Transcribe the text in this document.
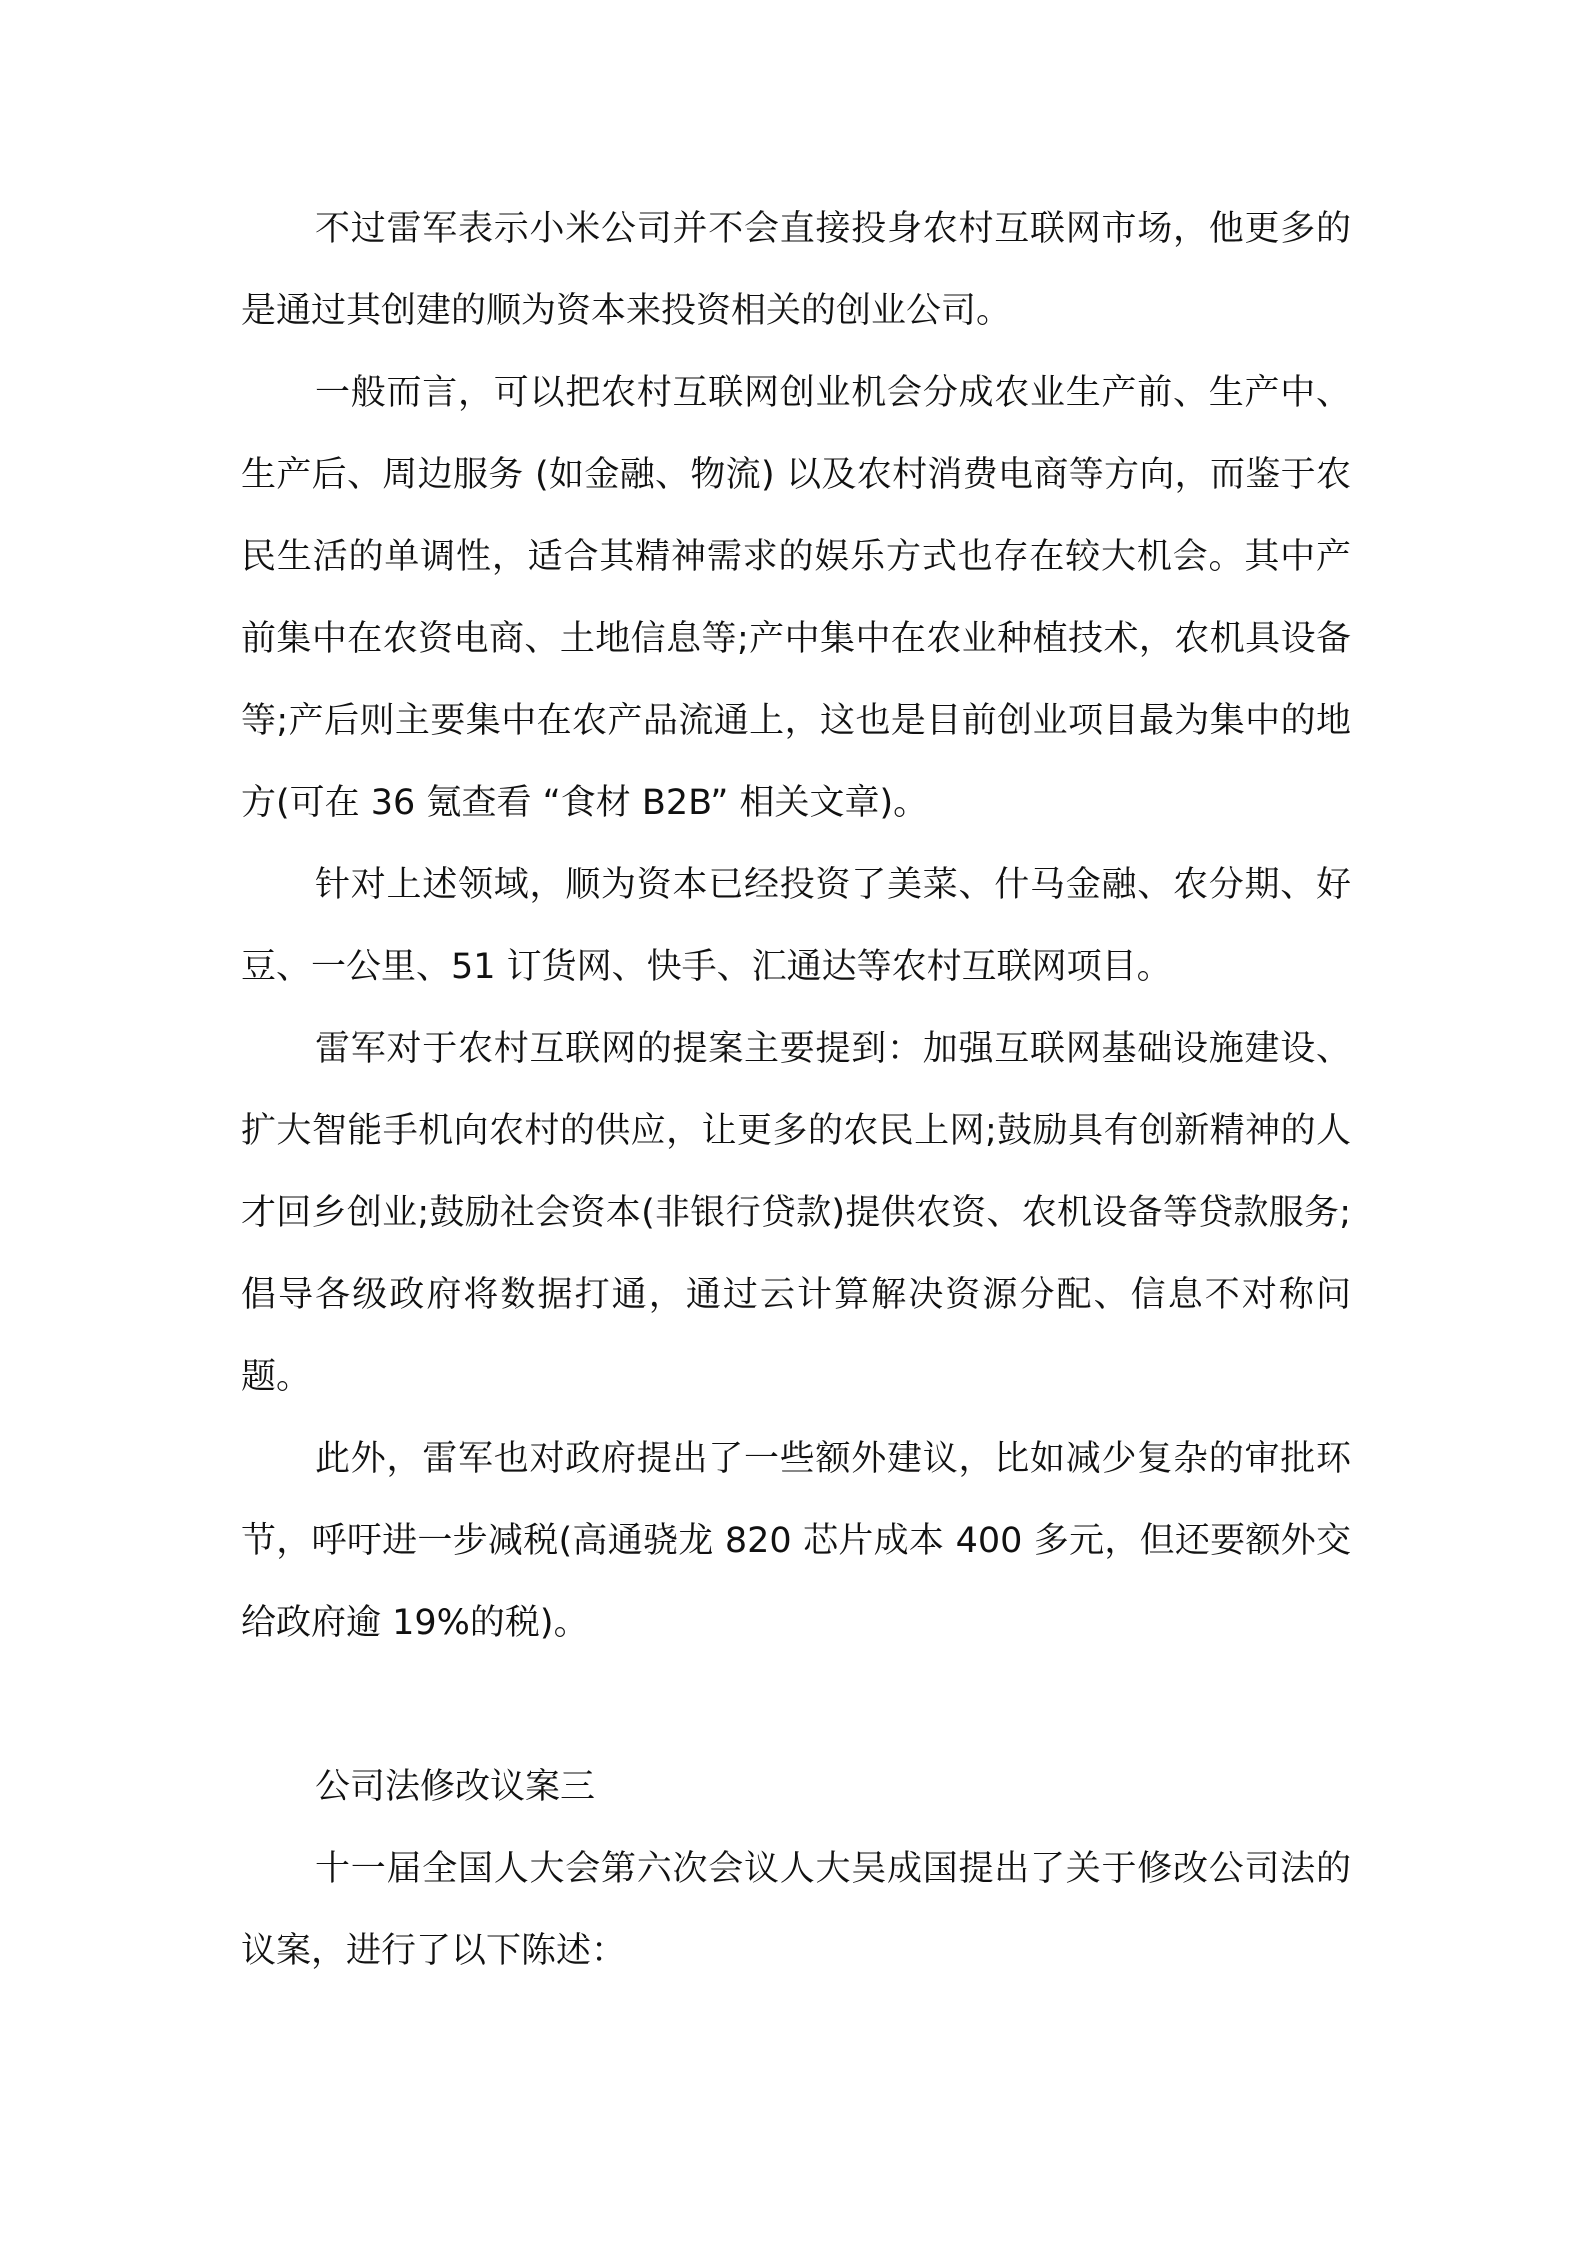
不过雷军表示小米公司并不会直接投身农村互联网市场，他更多的是通过其创建的顺为资本来投资相关的创业公司。

一般而言，可以把农村互联网创业机会分成农业生产前、生产中、生产后、周边服务 (如金融、物流) 以及农村消费电商等方向，而鉴于农民生活的单调性，适合其精神需求的娱乐方式也存在较大机会。其中产前集中在农资电商、土地信息等;产中集中在农业种植技术，农机具设备等;产后则主要集中在农产品流通上，这也是目前创业项目最为集中的地方(可在 36 氪查看 “食材 B2B” 相关文章)。

针对上述领域，顺为资本已经投资了美菜、什马金融、农分期、好豆、一公里、51 订货网、快手、汇通达等农村互联网项目。

雷军对于农村互联网的提案主要提到：加强互联网基础设施建设、扩大智能手机向农村的供应，让更多的农民上网;鼓励具有创新精神的人才回乡创业;鼓励社会资本(非银行贷款)提供农资、农机设备等贷款服务;倡导各级政府将数据打通，通过云计算解决资源分配、信息不对称问题。

此外，雷军也对政府提出了一些额外建议，比如减少复杂的审批环节，呼吁进一步减税(高通骁龙 820 芯片成本 400 多元，但还要额外交给政府逾 19%的税)。

公司法修改议案三

十一届全国人大会第六次会议人大吴成国提出了关于修改公司法的议案，进行了以下陈述：
